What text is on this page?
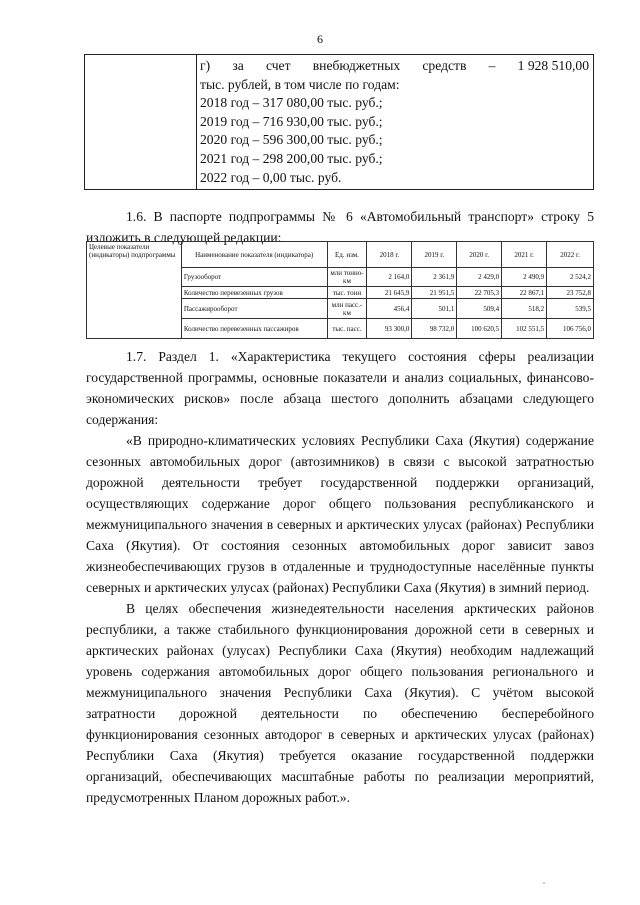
6

г) за счет внебюджетных средств – 1 928 510,00
тыс. рублей, в том числе по годам:
2018 год – 317 080,00 тыс. руб.;
2019 год – 716 930,00 тыс. руб.;
2020 год – 596 300,00 тыс. руб.;
2021 год – 298 200,00 тыс. руб.;
2022 год – 0,00 тыс. руб.

1.6. В паспорте подпрограммы № 6 «Автомобильный транспорт» строку 5 изложить в следующей редакции:

Целевые показатели (индикаторы) подпрограммы	Наименование показателя (индикатора)	Ед. изм.	2018 г.	2019 г.	2020 г.	2021 г.	2022 г.
	Грузооборот	млн тонно-км	2 164,0	2 361,9	2 429,0	2 490,9	2 524,2
	Количество перевезенных грузов	тыс. тонн	21 645,9	21 951,5	22 705,3	22 867,1	23 752,8
	Пассажирооборот	млн пасс.-км	456,4	501,1	509,4	518,2	539,5
	Количество перевезенных пассажиров	тыс. пасс.	93 300,0	98 732,0	100 620,5	102 551,5	106 756,0

1.7. Раздел 1. «Характеристика текущего состояния сферы реализации государственной программы, основные показатели и анализ социальных, финансово-экономических рисков» после абзаца шестого дополнить абзацами следующего содержания:

«В природно-климатических условиях Республики Саха (Якутия) содержание сезонных автомобильных дорог (автозимников) в связи с высокой затратностью дорожной деятельности требует государственной поддержки организаций, осуществляющих содержание дорог общего пользования республиканского и межмуниципального значения в северных и арктических улусах (районах) Республики Саха (Якутия). От состояния сезонных автомобильных дорог зависит завоз жизнеобеспечивающих грузов в отдаленные и труднодоступные населённые пункты северных и арктических улусах (районах) Республики Саха (Якутия) в зимний период.

В целях обеспечения жизнедеятельности населения арктических районов республики, а также стабильного функционирования дорожной сети в северных и арктических районах (улусах) Республики Саха (Якутия) необходим надлежащий уровень содержания автомобильных дорог общего пользования регионального и межмуниципального значения Республики Саха (Якутия). С учётом высокой затратности дорожной деятельности по обеспечению бесперебойного функционирования сезонных автодорог в северных и арктических улусах (районах) Республики Саха (Якутия) требуется оказание государственной поддержки организаций, обеспечивающих масштабные работы по реализации мероприятий, предусмотренных Планом дорожных работ.».
